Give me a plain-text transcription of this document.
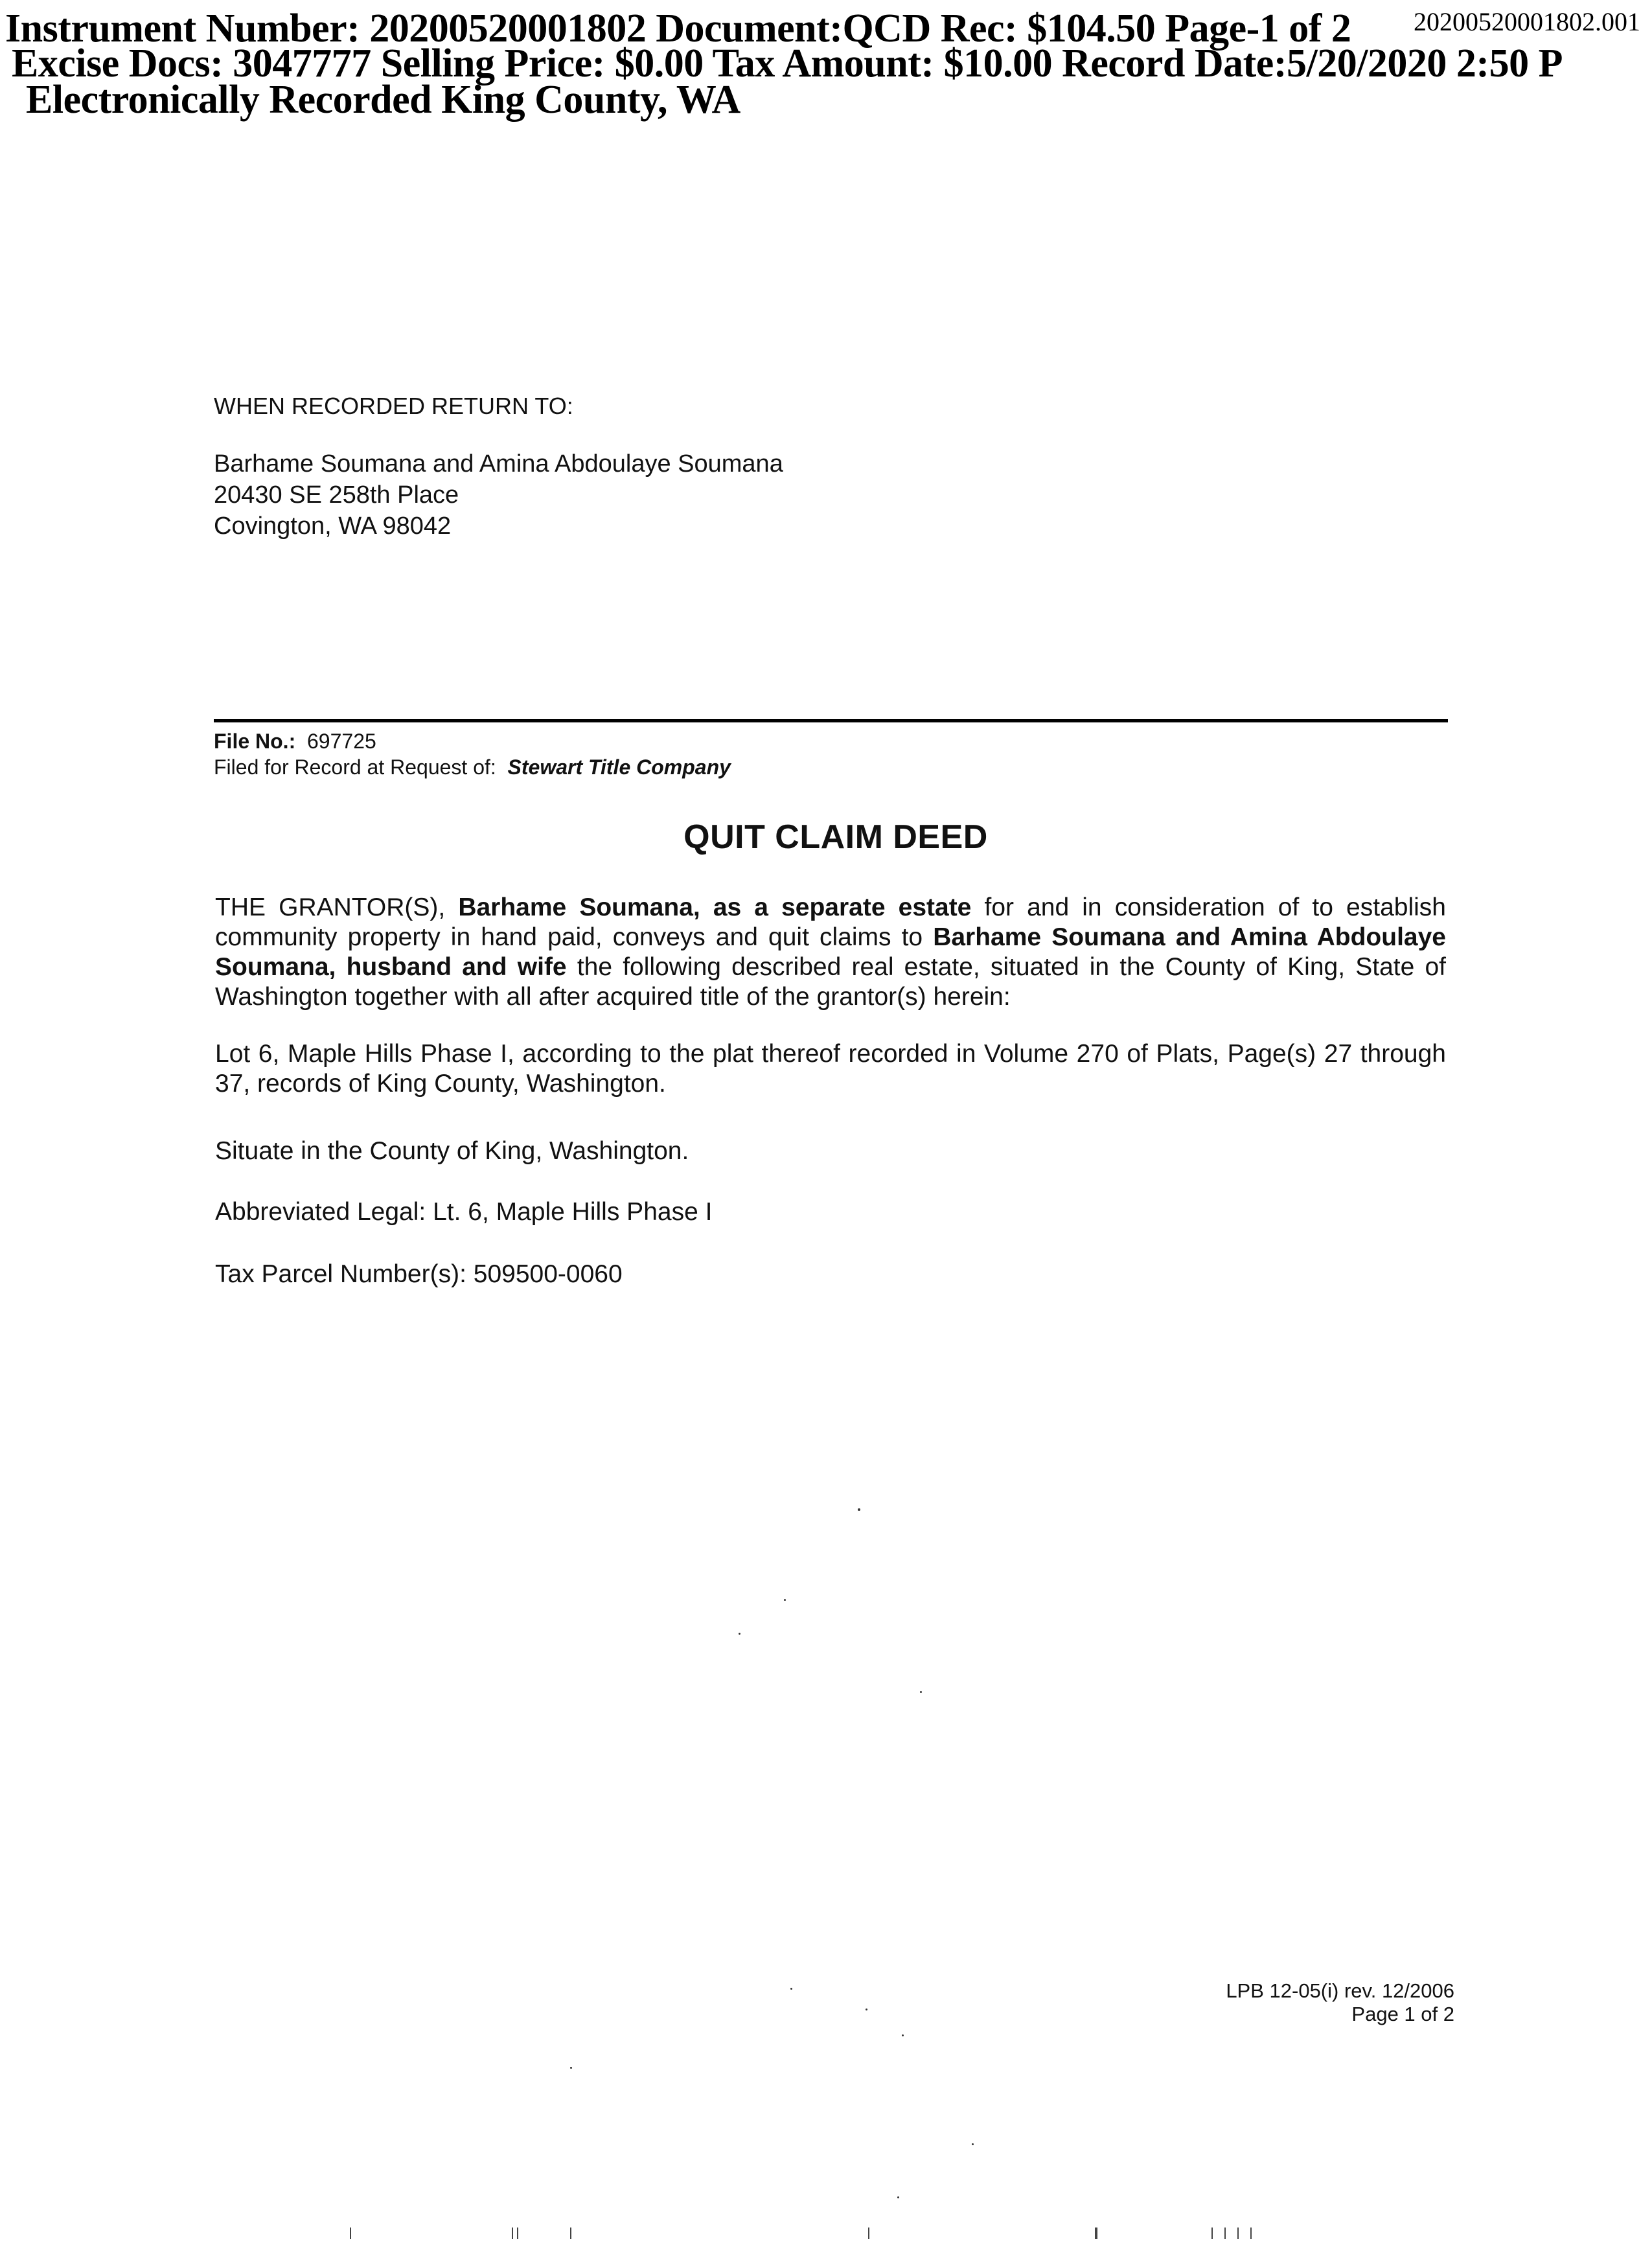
Instrument Number: 20200520001802 Document:QCD Rec: $104.50 Page-1 of 2
Excise Docs: 3047777 Selling Price: $0.00 Tax Amount: $10.00 Record Date:5/20/2020 2:50 P
Electronically Recorded King County, WA
20200520001802.001
WHEN RECORDED RETURN TO:
Barhame Soumana and Amina Abdoulaye Soumana
20430 SE 258th Place
Covington, WA 98042
File No.: 697725
Filed for Record at Request of: Stewart Title Company
QUIT CLAIM DEED
THE GRANTOR(S), Barhame Soumana, as a separate estate for and in consideration of to establish community property in hand paid, conveys and quit claims to Barhame Soumana and Amina Abdoulaye Soumana, husband and wife the following described real estate, situated in the County of King, State of Washington together with all after acquired title of the grantor(s) herein:
Lot 6, Maple Hills Phase I, according to the plat thereof recorded in Volume 270 of Plats, Page(s) 27 through 37, records of King County, Washington.
Situate in the County of King, Washington.
Abbreviated Legal: Lt. 6, Maple Hills Phase I
Tax Parcel Number(s): 509500-0060
LPB 12-05(i) rev. 12/2006
Page 1 of 2
